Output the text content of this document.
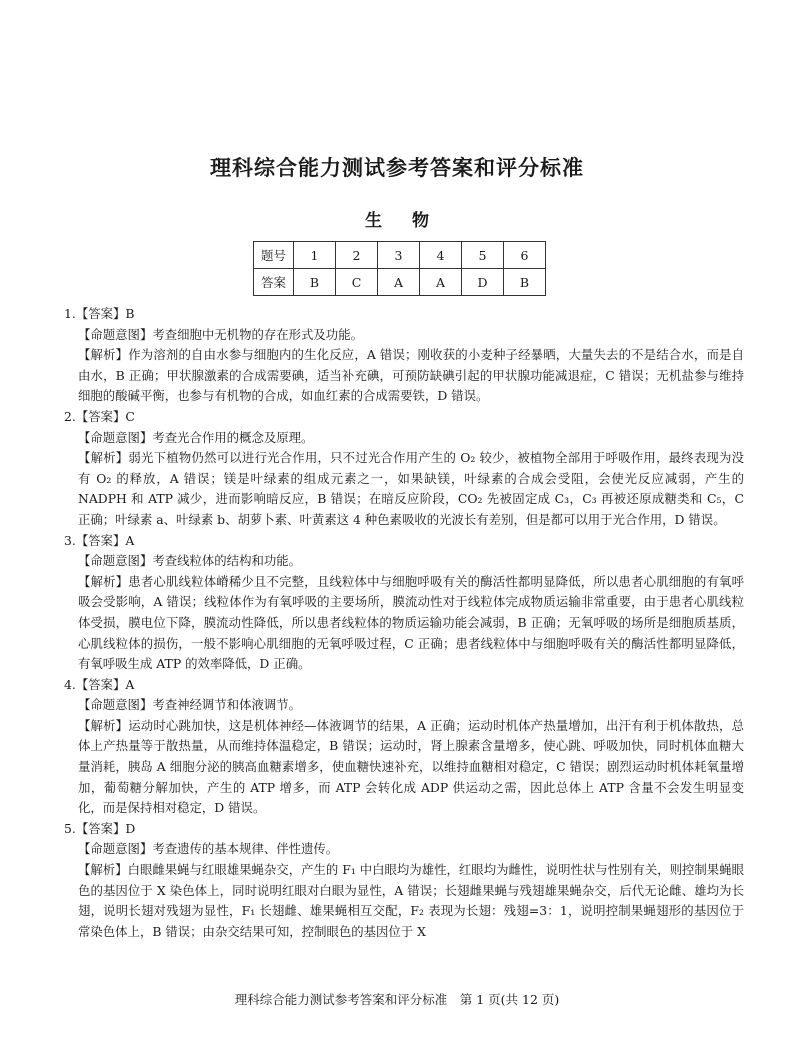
理科综合能力测试参考答案和评分标准
生 物
题号	1	2	3	4	5	6
答案	B	C	A	A	D	B

1.【答案】B

【命题意图】考查细胞中无机物的存在形式及功能。

【解析】作为溶剂的自由水参与细胞内的生化反应，A 错误；刚收获的小麦种子经暴晒，大量失去的不是结合水，而是自由水，B 正确；甲状腺激素的合成需要碘，适当补充碘，可预防缺碘引起的甲状腺功能减退症，C 错误；无机盐参与维持细胞的酸碱平衡，也参与有机物的合成，如血红素的合成需要铁，D 错误。

2.【答案】C

【命题意图】考查光合作用的概念及原理。

【解析】弱光下植物仍然可以进行光合作用，只不过光合作用产生的 O₂ 较少，被植物全部用于呼吸作用，最终表现为没有 O₂ 的释放，A 错误；镁是叶绿素的组成元素之一，如果缺镁，叶绿素的合成会受阻，会使光反应减弱，产生的 NADPH 和 ATP 减少，进而影响暗反应，B 错误；在暗反应阶段，CO₂ 先被固定成 C₃，C₃ 再被还原成糖类和 C₅，C 正确；叶绿素 a、叶绿素 b、胡萝卜素、叶黄素这 4 种色素吸收的光波长有差别，但是都可以用于光合作用，D 错误。

3.【答案】A

【命题意图】考查线粒体的结构和功能。

【解析】患者心肌线粒体嵴稀少且不完整，且线粒体中与细胞呼吸有关的酶活性都明显降低，所以患者心肌细胞的有氧呼吸会受影响，A 错误；线粒体作为有氧呼吸的主要场所，膜流动性对于线粒体完成物质运输非常重要，由于患者心肌线粒体受损，膜电位下降，膜流动性降低，所以患者线粒体的物质运输功能会减弱，B 正确；无氧呼吸的场所是细胞质基质，心肌线粒体的损伤，一般不影响心肌细胞的无氧呼吸过程，C 正确；患者线粒体中与细胞呼吸有关的酶活性都明显降低，有氧呼吸生成 ATP 的效率降低，D 正确。

4.【答案】A

【命题意图】考查神经调节和体液调节。

【解析】运动时心跳加快，这是机体神经—体液调节的结果，A 正确；运动时机体产热量增加，出汗有利于机体散热，总体上产热量等于散热量，从而维持体温稳定，B 错误；运动时，肾上腺素含量增多，使心跳、呼吸加快，同时机体血糖大量消耗，胰岛 A 细胞分泌的胰高血糖素增多，使血糖快速补充，以维持血糖相对稳定，C 错误；剧烈运动时机体耗氧量增加，葡萄糖分解加快，产生的 ATP 增多，而 ATP 会转化成 ADP 供运动之需，因此总体上 ATP 含量不会发生明显变化，而是保持相对稳定，D 错误。

5.【答案】D

【命题意图】考查遗传的基本规律、伴性遗传。

【解析】白眼雌果蝇与红眼雄果蝇杂交，产生的 F₁ 中白眼均为雄性，红眼均为雌性，说明性状与性别有关，则控制果蝇眼色的基因位于 X 染色体上，同时说明红眼对白眼为显性，A 错误；长翅雌果蝇与残翅雄果蝇杂交，后代无论雌、雄均为长翅，说明长翅对残翅为显性，F₁ 长翅雌、雄果蝇相互交配，F₂ 表现为长翅：残翅=3：1，说明控制果蝇翅形的基因位于常染色体上，B 错误；由杂交结果可知，控制眼色的基因位于 X

理科综合能力测试参考答案和评分标准　第 1 页(共 12 页)
